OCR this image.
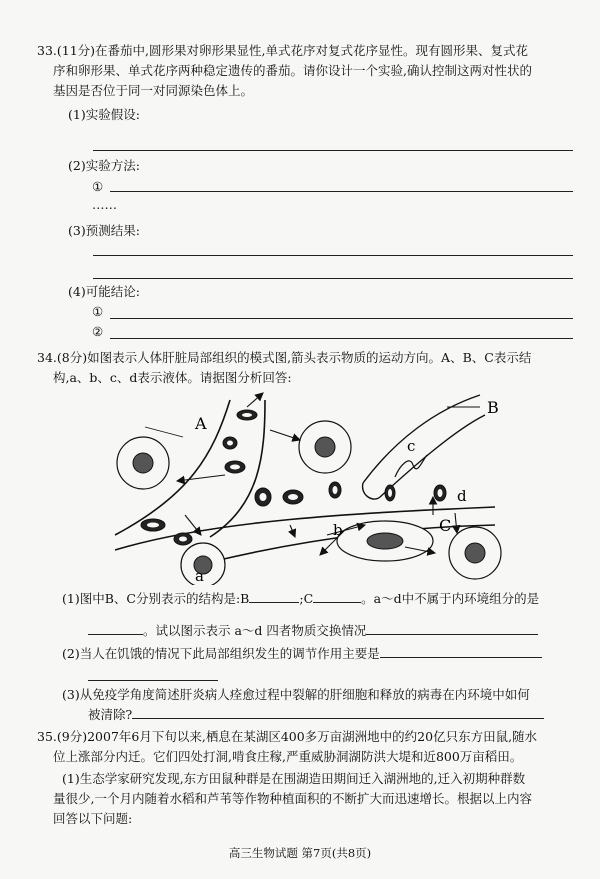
33.(11分)在番茄中,圆形果对卵形果显性,单式花序对复式花序显性。现有圆形果、复式花
序和卵形果、单式花序两种稳定遗传的番茄。请你设计一个实验,确认控制这两对性状的
基因是否位于同一对同源染色体上。
(1)实验假设:
(2)实验方法:
①
……
(3)预测结果:
(4)可能结论:
①
②
34.(8分)如图表示人体肝脏局部组织的模式图,箭头表示物质的运动方向。A、B、C表示结
构,a、b、c、d表示液体。请据图分析回答:
A
B
C
a
b
c
d
(1)图中B、C分别表示的结构是:B	;C	。a～d中不属于内环境组分的是
。试以图示表示 a～d 四者物质交换情况
(2)当人在饥饿的情况下此局部组织发生的调节作用主要是
(3)从免疫学角度简述肝炎病人痊愈过程中裂解的肝细胞和释放的病毒在内环境中如何
被清除?
35.(9分)2007年6月下旬以来,栖息在某湖区400多万亩湖洲地中的约20亿只东方田鼠,随水
位上涨部分内迁。它们四处打洞,啃食庄稼,严重威胁洞湖防洪大堤和近800万亩稻田。
(1)生态学家研究发现,东方田鼠种群是在围湖造田期间迁入湖洲地的,迁入初期种群数
量很少,一个月内随着水稻和芦苇等作物种植面积的不断扩大而迅速增长。根据以上内容
回答以下问题:
高三生物试题 第7页(共8页)
